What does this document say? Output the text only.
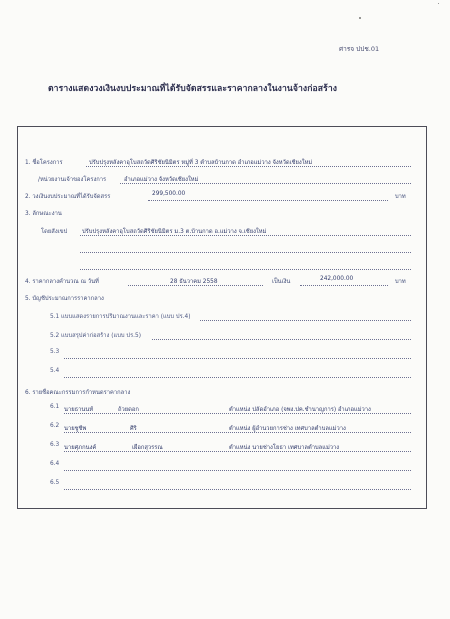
ศารจ ปปช.01
ตารางแสดงวงเงินงบประมาณที่ได้รับจัดสรรและราคากลางในงานจ้างก่อสร้าง
1. ชื่อโครงการ	ปรับปรุงหลังคาอุโบสถวัดศิริชัยนิมิตร หมู่ที่ 3 ตำบลบ้านกาด อำเภอแม่วาง จังหวัดเชียงใหม่
/หน่วยงานเจ้าของโครงการ	อำเภอแม่วาง จังหวัดเชียงใหม่
2. วงเงินงบประมาณที่ได้รับจัดสรร	299,500.00	บาท
3. ลักษณะงาน
โดยสังเขป	ปรับปรุงหลังคาอุโบสถวัดศิริชัยนิมิตร ม.3 ต.บ้านกาด อ.แม่วาง จ.เชียงใหม่
4. ราคากลางคำนวณ ณ วันที่	28 ธันวาคม 2558	เป็นเงิน	242,000.00	บาท
5. บัญชีประมาณการราคากลาง
5.1 แบบแสดงรายการปริมาณงานและราคา (แบบ ปร.4)
5.2 แบบสรุปค่าก่อสร้าง (แบบ ปร.5)
5.3
5.4
6. รายชื่อคณะกรรมการกำหนดราคากลาง
6.1 นายธานนท์	ถ้วยดอก	ตำแหน่ง ปลัดอำเภอ (จพง.ปค.ชำนาญการ) อำเภอแม่วาง
6.2 นายชูชีพ	ศิริ	ตำแหน่ง ผู้อำนวยการช่าง เทศบาลตำบลแม่วาง
6.3 นายศุภกนงค์	เผือกสุวรรณ	ตำแหน่ง นายช่างโยธา เทศบาลตำบลแม่วาง
6.4
6.5
